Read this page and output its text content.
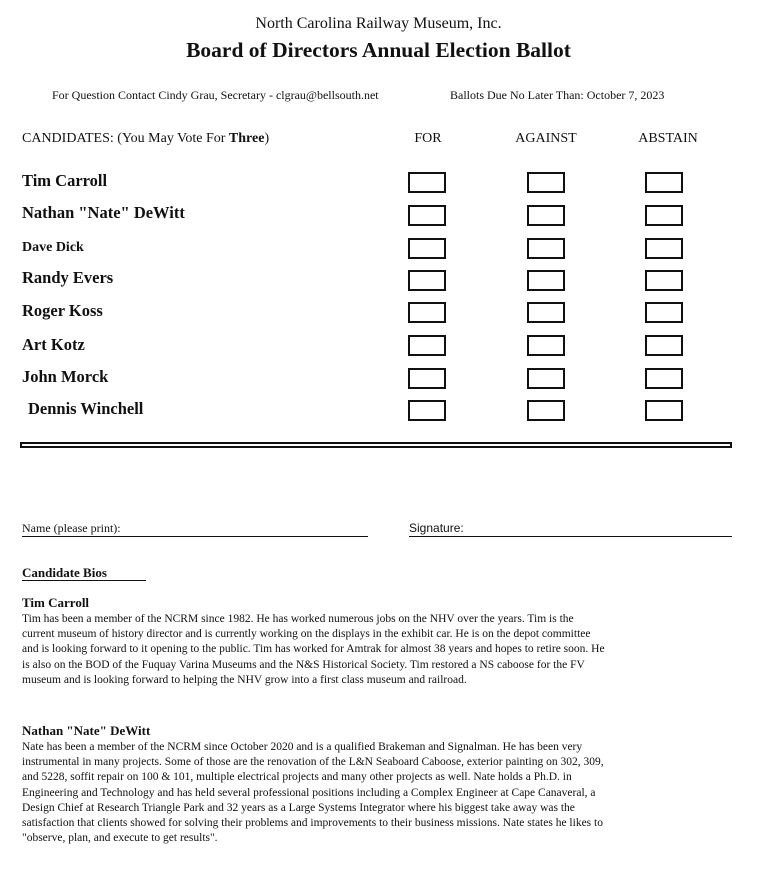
North Carolina Railway Museum, Inc.
Board of Directors Annual Election Ballot
For Question Contact Cindy Grau, Secretary - clgrau@bellsouth.net	Ballots Due No Later Than: October 7, 2023
CANDIDATES: (You May Vote For Three)	FOR	AGAINST	ABSTAIN
Tim Carroll
Nathan "Nate" DeWitt
Dave Dick
Randy Evers
Roger Koss
Art Kotz
John Morck
Dennis Winchell
Name (please print):	Signature:
Candidate Bios
Tim Carroll
Tim has been a member of the NCRM since 1982. He has worked numerous jobs on the NHV over the years. Tim is the
current museum of history director and is currently working on the displays in the exhibit car. He is on the depot committee
and is looking forward to it opening to the public. Tim has worked for Amtrak for almost 38 years and hopes to retire soon. He
is also on the BOD of the Fuquay Varina Museums and the N&S Historical Society. Tim restored a NS caboose for the FV
museum and is looking forward to helping the NHV grow into a first class museum and railroad.
Nathan "Nate" DeWitt
Nate has been a member of the NCRM since October 2020 and is a qualified Brakeman and Signalman. He has been very
instrumental in many projects. Some of those are the renovation of the L&N Seaboard Caboose, exterior painting on 302, 309,
and 5228, soffit repair on 100 & 101, multiple electrical projects and many other projects as well. Nate holds a Ph.D. in
Engineering and Technology and has held several professional positions including a Complex Engineer at Cape Canaveral, a
Design Chief at Research Triangle Park and 32 years as a Large Systems Integrator where his biggest take away was the
satisfaction that clients showed for solving their problems and improvements to their business missions. Nate states he likes to
"observe, plan, and execute to get results".
